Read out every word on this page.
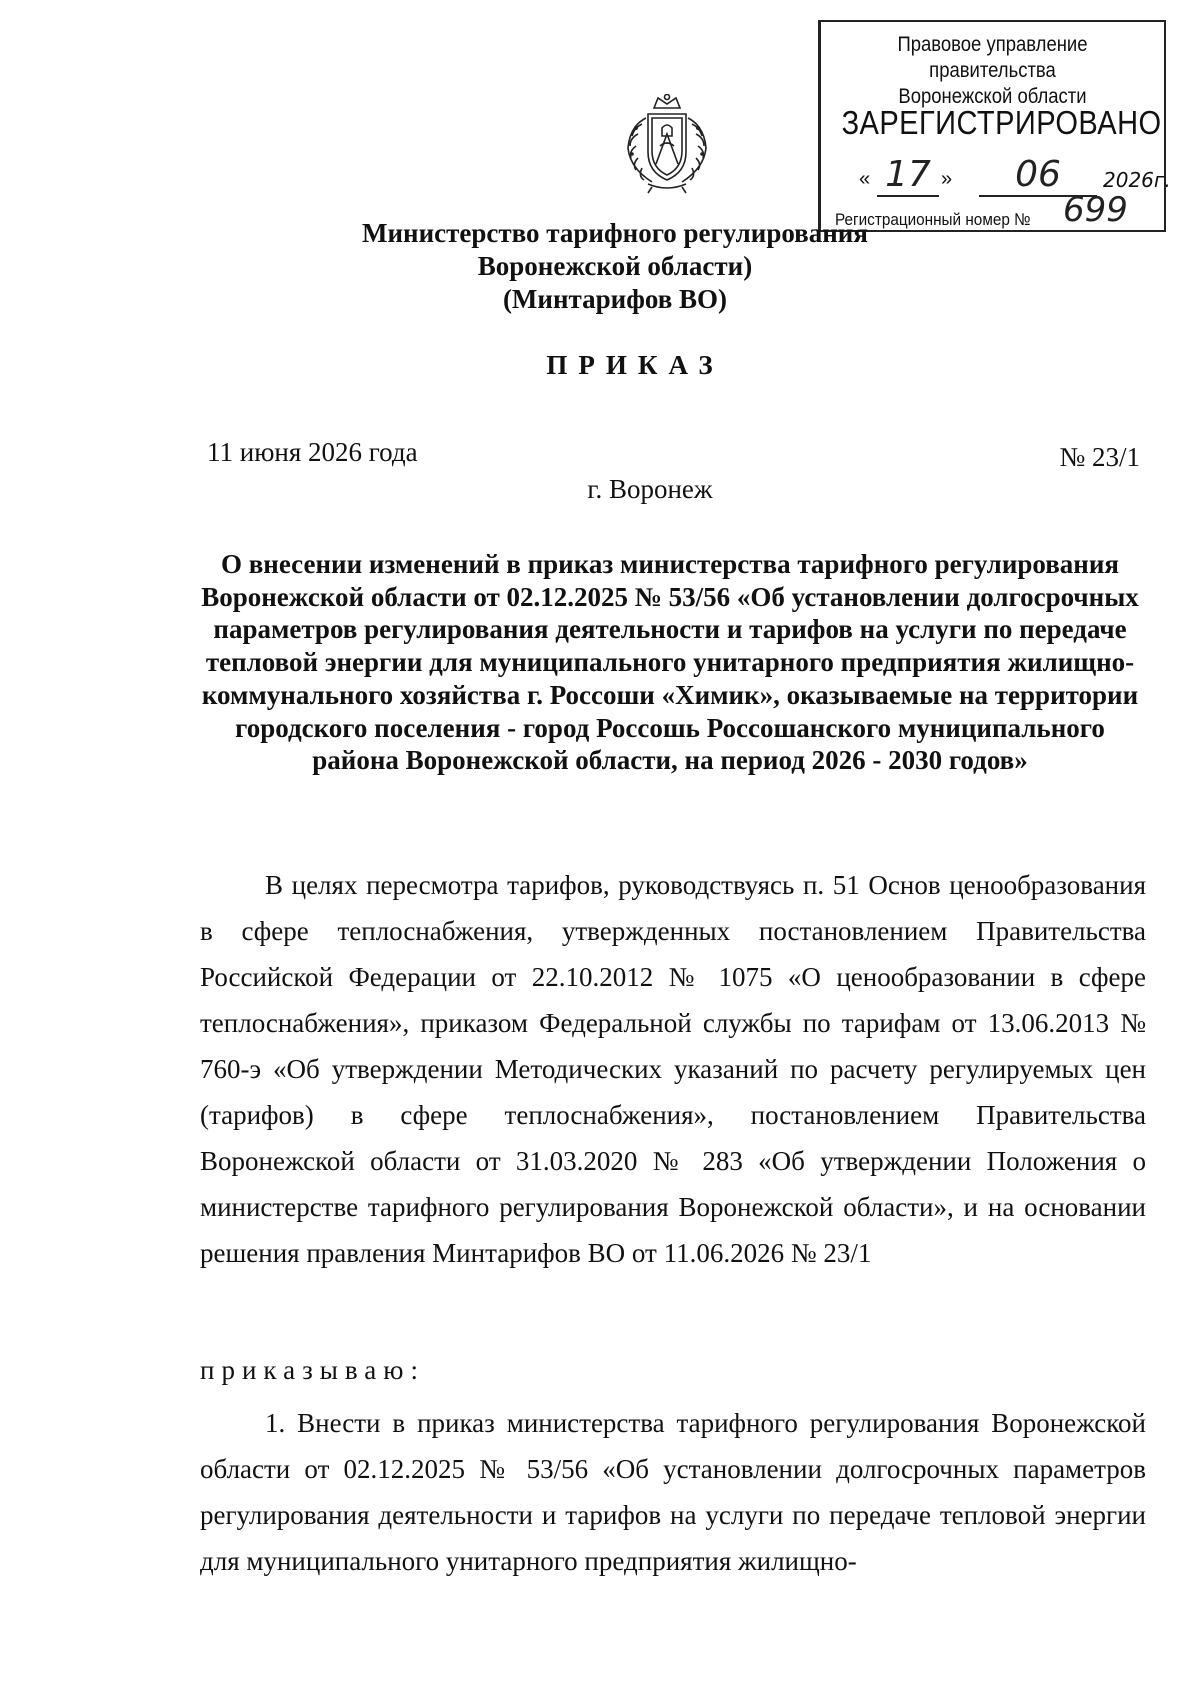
Правовое управление правительства
Воронежской области
ЗАРЕГИСТРИРОВАНО
« 17 »	06	2026г.
Регистрационный номер № 699
Министерство тарифного регулирования
Воронежской области)
(Минтарифов ВО)
ПРИКАЗ
11 июня 2026 года	№ 23/1
г. Воронеж
О внесении изменений в приказ министерства тарифного регулирования Воронежской области от 02.12.2025 № 53/56 «Об установлении долгосрочных параметров регулирования деятельности и тарифов на услуги по передаче тепловой энергии для муниципального унитарного предприятия жилищно-коммунального хозяйства г. Россоши «Химик», оказываемые на территории городского поселения - город Россошь Россошанского муниципального района Воронежской области, на период 2026 - 2030 годов»
В целях пересмотра тарифов, руководствуясь п. 51 Основ ценообразования в сфере теплоснабжения, утвержденных постановлением Правительства Российской Федерации от 22.10.2012 № 1075 «О ценообразовании в сфере теплоснабжения», приказом Федеральной службы по тарифам от 13.06.2013 № 760-э «Об утверждении Методических указаний по расчету регулируемых цен (тарифов) в сфере теплоснабжения», постановлением Правительства Воронежской области от 31.03.2020 № 283 «Об утверждении Положения о министерстве тарифного регулирования Воронежской области», и на основании решения правления Минтарифов ВО от 11.06.2026 № 23/1
приказываю:
1. Внести в приказ министерства тарифного регулирования Воронежской области от 02.12.2025 № 53/56 «Об установлении долгосрочных параметров регулирования деятельности и тарифов на услуги по передаче тепловой энергии для муниципального унитарного предприятия жилищно-
